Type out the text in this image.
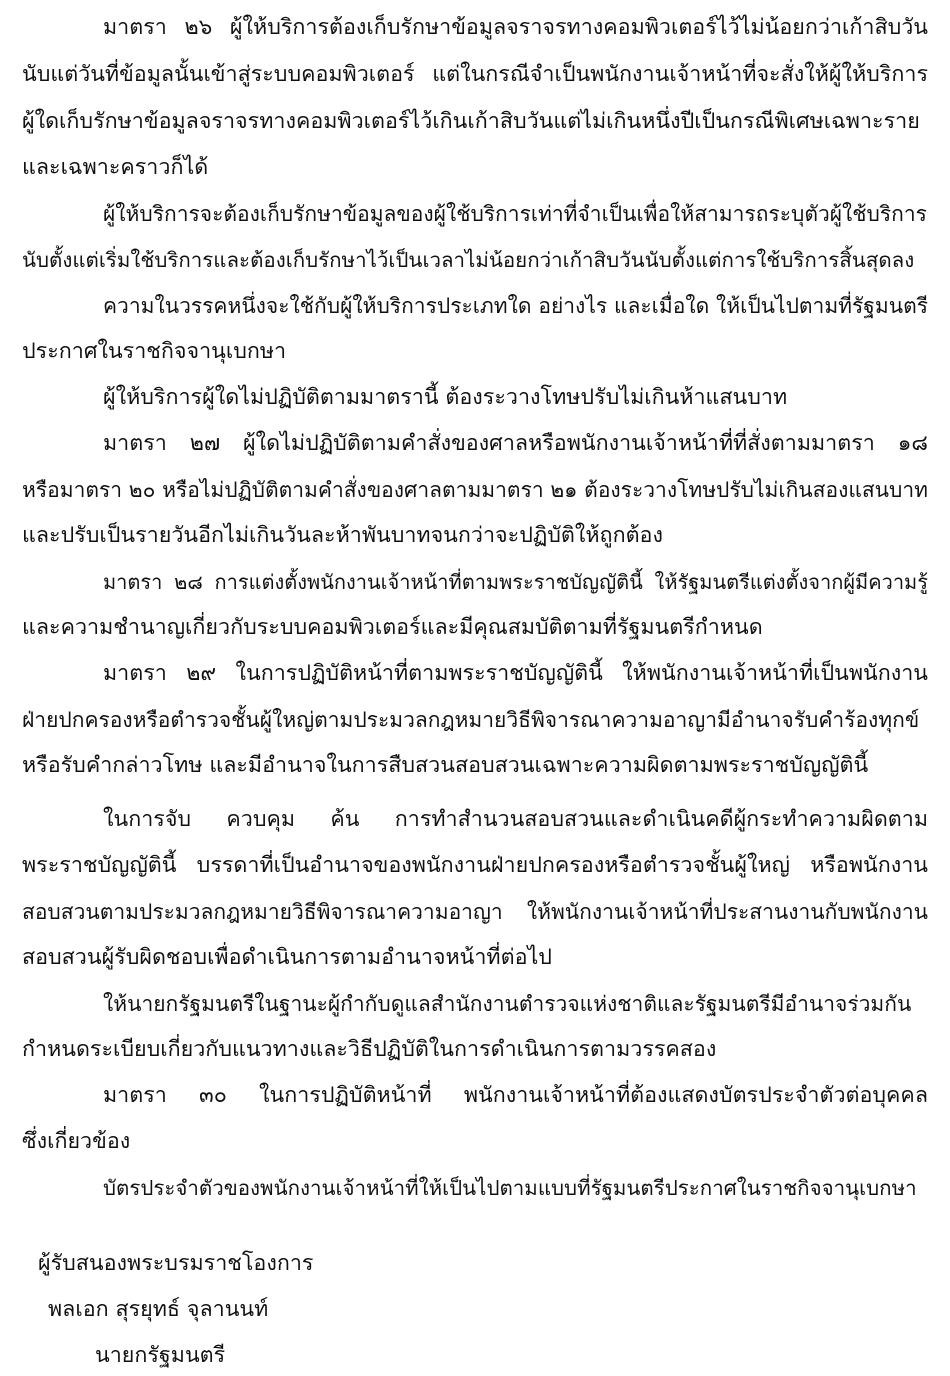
มาตรา ๒๖ ผู้ให้บริการต้องเก็บรักษาข้อมูลจราจรทางคอมพิวเตอร์ไว้ไม่น้อยกว่าเก้าสิบวัน
นับแต่วันที่ข้อมูลนั้นเข้าสู่ระบบคอมพิวเตอร์ แต่ในกรณีจำเป็นพนักงานเจ้าหน้าที่จะสั่งให้ผู้ให้บริการ
ผู้ใดเก็บรักษาข้อมูลจราจรทางคอมพิวเตอร์ไว้เกินเก้าสิบวันแต่ไม่เกินหนึ่งปีเป็นกรณีพิเศษเฉพาะราย
และเฉพาะคราวก็ได้
ผู้ให้บริการจะต้องเก็บรักษาข้อมูลของผู้ใช้บริการเท่าที่จำเป็นเพื่อให้สามารถระบุตัวผู้ใช้บริการ
นับตั้งแต่เริ่มใช้บริการและต้องเก็บรักษาไว้เป็นเวลาไม่น้อยกว่าเก้าสิบวันนับตั้งแต่การใช้บริการสิ้นสุดลง
ความในวรรคหนึ่งจะใช้กับผู้ให้บริการประเภทใด อย่างไร และเมื่อใด ให้เป็นไปตามที่รัฐมนตรี
ประกาศในราชกิจจานุเบกษา
ผู้ให้บริการผู้ใดไม่ปฏิบัติตามมาตรานี้ ต้องระวางโทษปรับไม่เกินห้าแสนบาท
มาตรา ๒๗ ผู้ใดไม่ปฏิบัติตามคำสั่งของศาลหรือพนักงานเจ้าหน้าที่ที่สั่งตามมาตรา ๑๘
หรือมาตรา ๒๐ หรือไม่ปฏิบัติตามคำสั่งของศาลตามมาตรา ๒๑ ต้องระวางโทษปรับไม่เกินสองแสนบาท
และปรับเป็นรายวันอีกไม่เกินวันละห้าพันบาทจนกว่าจะปฏิบัติให้ถูกต้อง
มาตรา ๒๘ การแต่งตั้งพนักงานเจ้าหน้าที่ตามพระราชบัญญัตินี้ ให้รัฐมนตรีแต่งตั้งจากผู้มีความรู้
และความชำนาญเกี่ยวกับระบบคอมพิวเตอร์และมีคุณสมบัติตามที่รัฐมนตรีกำหนด
มาตรา ๒๙ ในการปฏิบัติหน้าที่ตามพระราชบัญญัตินี้ ให้พนักงานเจ้าหน้าที่เป็นพนักงาน
ฝ่ายปกครองหรือตำรวจชั้นผู้ใหญ่ตามประมวลกฎหมายวิธีพิจารณาความอาญามีอำนาจรับคำร้องทุกข์
หรือรับคำกล่าวโทษ และมีอำนาจในการสืบสวนสอบสวนเฉพาะความผิดตามพระราชบัญญัตินี้
ในการจับ ควบคุม ค้น การทำสำนวนสอบสวนและดำเนินคดีผู้กระทำความผิดตาม
พระราชบัญญัตินี้ บรรดาที่เป็นอำนาจของพนักงานฝ่ายปกครองหรือตำรวจชั้นผู้ใหญ่ หรือพนักงาน
สอบสวนตามประมวลกฎหมายวิธีพิจารณาความอาญา ให้พนักงานเจ้าหน้าที่ประสานงานกับพนักงาน
สอบสวนผู้รับผิดชอบเพื่อดำเนินการตามอำนาจหน้าที่ต่อไป
ให้นายกรัฐมนตรีในฐานะผู้กำกับดูแลสำนักงานตำรวจแห่งชาติและรัฐมนตรีมีอำนาจร่วมกัน
กำหนดระเบียบเกี่ยวกับแนวทางและวิธีปฏิบัติในการดำเนินการตามวรรคสอง
มาตรา ๓๐ ในการปฏิบัติหน้าที่ พนักงานเจ้าหน้าที่ต้องแสดงบัตรประจำตัวต่อบุคคล
ซึ่งเกี่ยวข้อง
บัตรประจำตัวของพนักงานเจ้าหน้าที่ให้เป็นไปตามแบบที่รัฐมนตรีประกาศในราชกิจจานุเบกษา
ผู้รับสนองพระบรมราชโองการ
พลเอก สุรยุทธ์ จุลานนท์
นายกรัฐมนตรี
